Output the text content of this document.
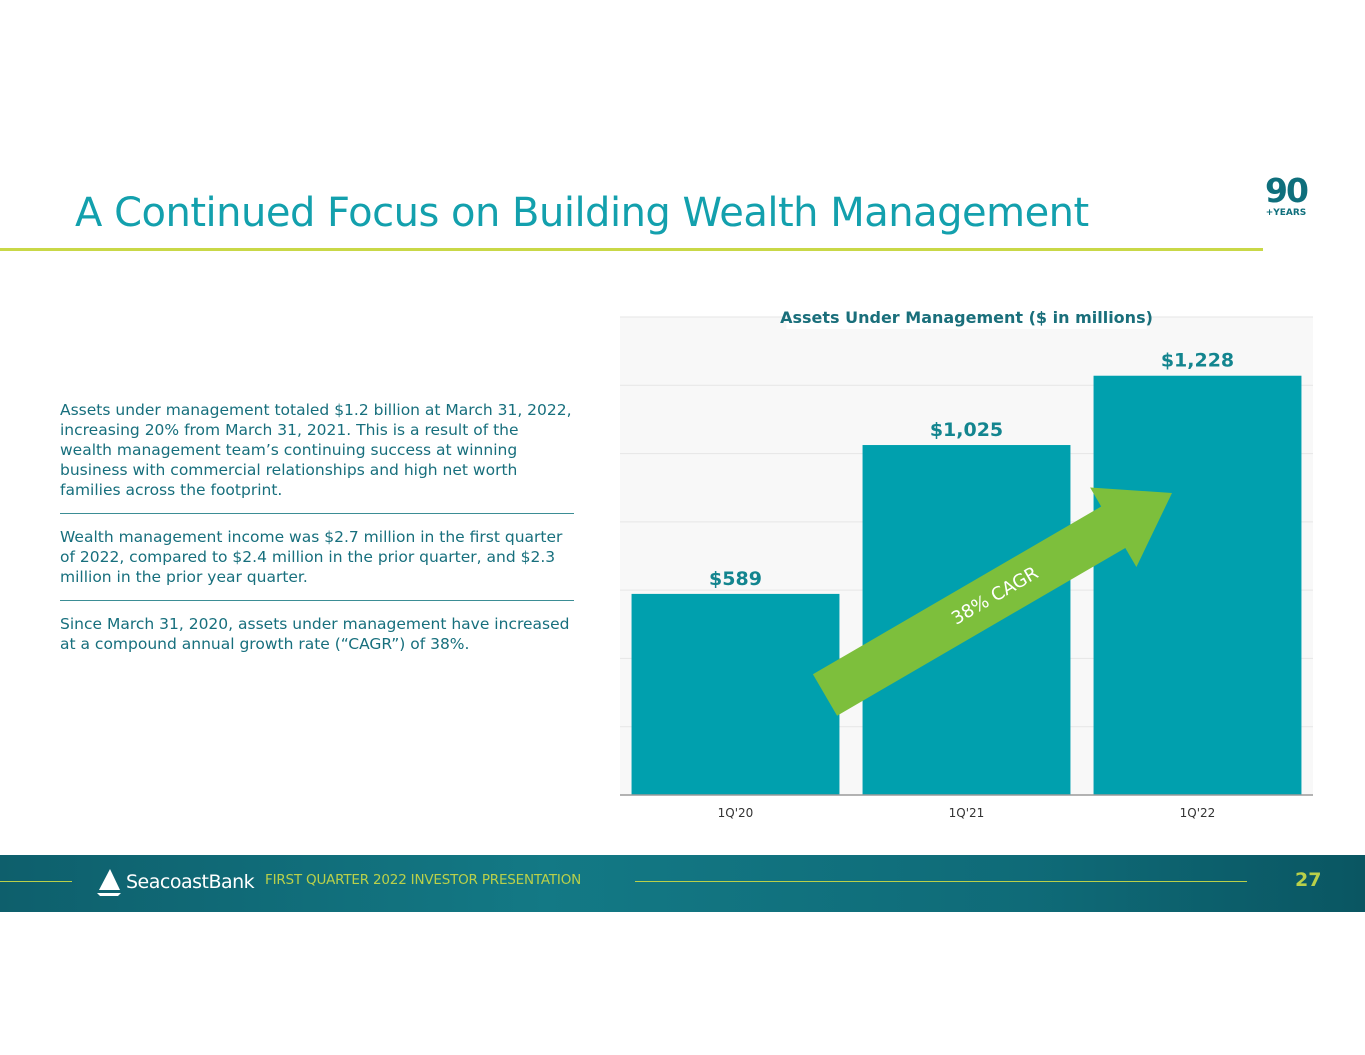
A Continued Focus on Building Wealth Management	90
+YEARS

Assets under management totaled $1.2 billion at March 31, 2022, increasing 20% from March 31, 2021. This is a result of the wealth management team’s continuing success at winning business with commercial relationships and high net worth families across the footprint.

Wealth management income was $2.7 million in the first quarter of 2022, compared to $2.4 million in the prior quarter, and $2.3 million in the prior year quarter.

Since March 31, 2020, assets under management have increased at a compound annual growth rate (“CAGR”) of 38%.

$589
$1,025
$1,228
1Q'20	1Q'21	1Q'22
38% CAGR
Assets Under Management ($ in millions)
SeacoastBank FIRST QUARTER 2022 INVESTOR PRESENTATION	27
